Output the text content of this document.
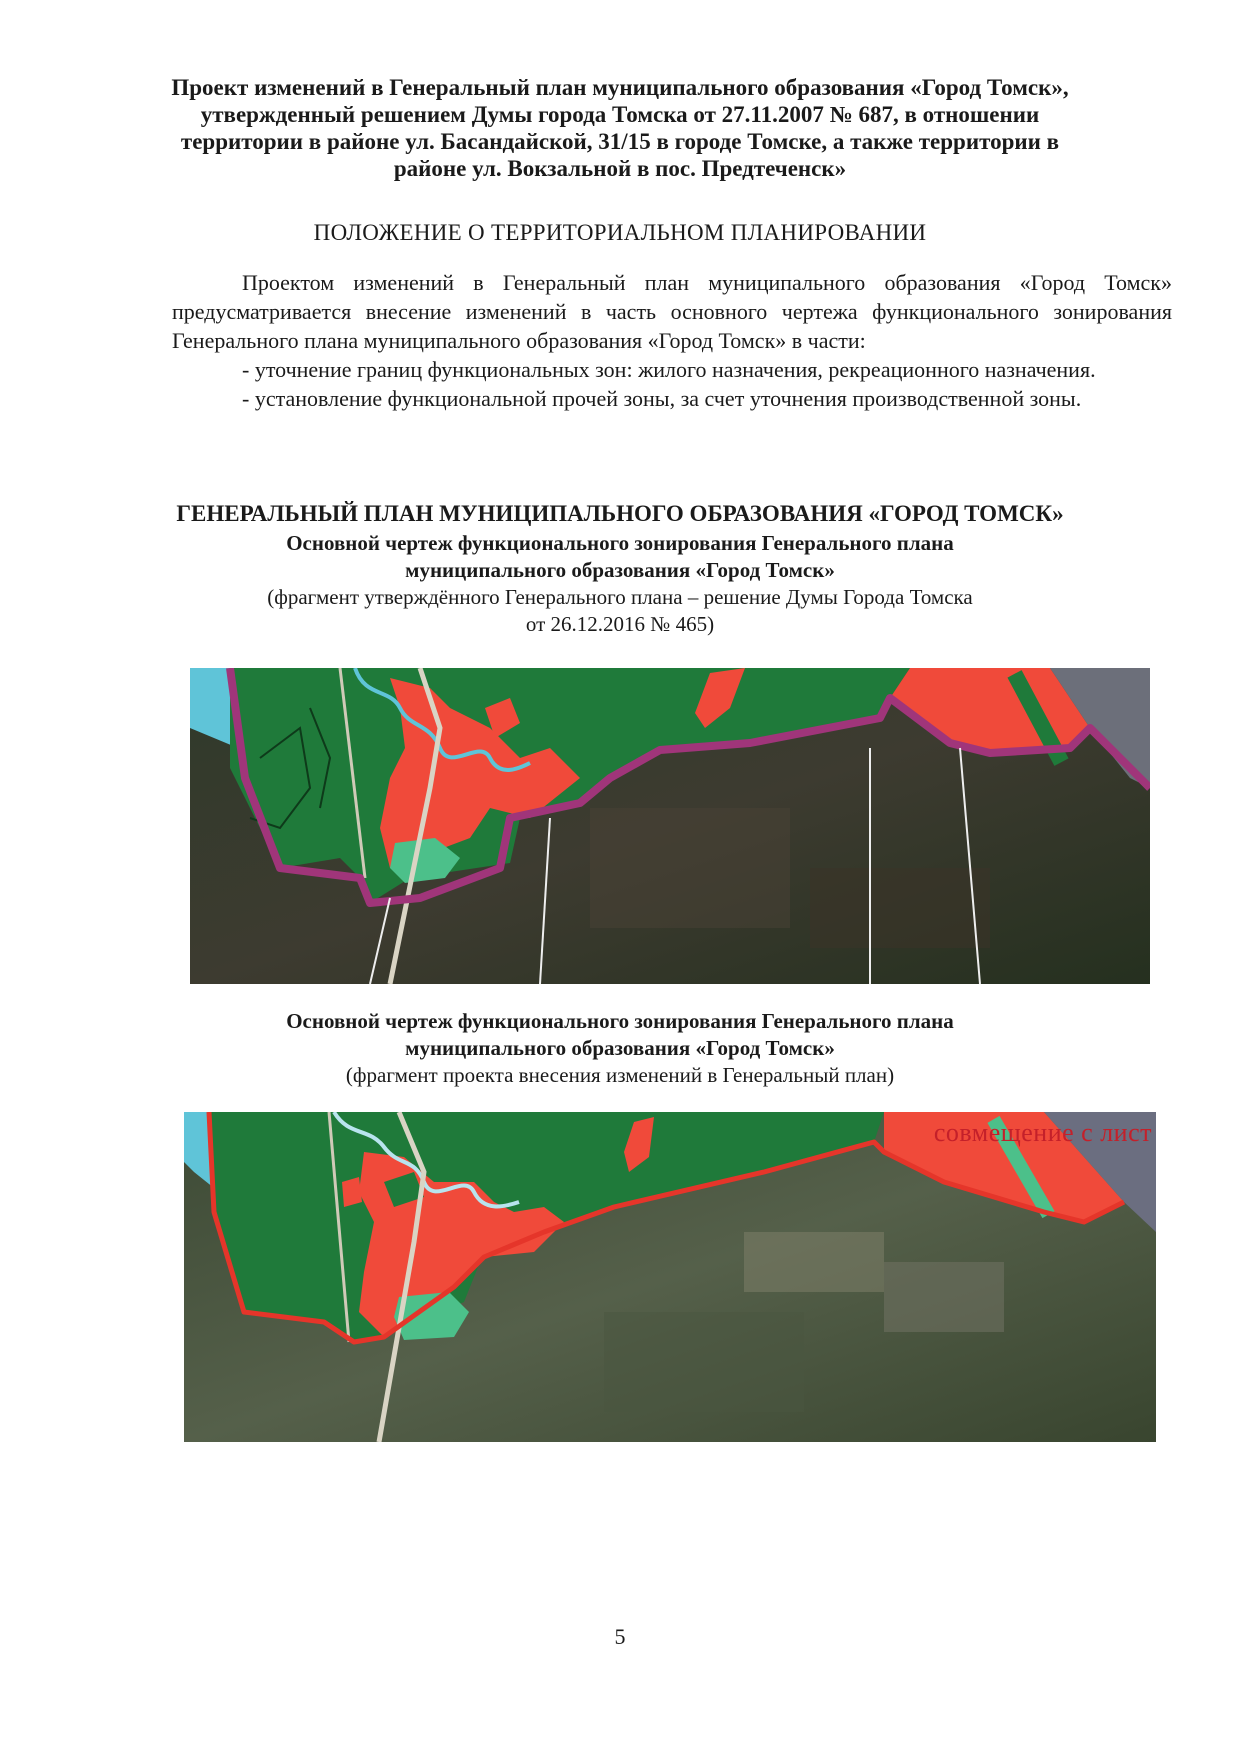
Проект изменений в Генеральный план муниципального образования «Город Томск»,
утвержденный решением Думы города Томска от 27.11.2007 № 687, в отношении
территории в районе ул. Басандайской, 31/15 в городе Томске, а также территории в
районе ул. Вокзальной в пос. Предтеченск»
ПОЛОЖЕНИЕ О ТЕРРИТОРИАЛЬНОМ ПЛАНИРОВАНИИ

Проектом изменений в Генеральный план муниципального образования «Город Томск» предусматривается внесение изменений в часть основного чертежа функционального зонирования Генерального плана муниципального образования «Город Томск» в части:

- уточнение границ функциональных зон: жилого назначения, рекреационного назначения.

- установление функциональной прочей зоны, за счет уточнения производственной зоны.

ГЕНЕРАЛЬНЫЙ ПЛАН МУНИЦИПАЛЬНОГО ОБРАЗОВАНИЯ «ГОРОД ТОМСК»
Основной чертеж функционального зонирования Генерального плана
муниципального образования «Город Томск»
(фрагмент утверждённого Генерального плана – решение Думы Города Томска
от 26.12.2016 № 465)
Основной чертеж функционального зонирования Генерального плана
муниципального образования «Город Томск»
(фрагмент проекта внесения изменений в Генеральный план)
совмещение с лист
5
